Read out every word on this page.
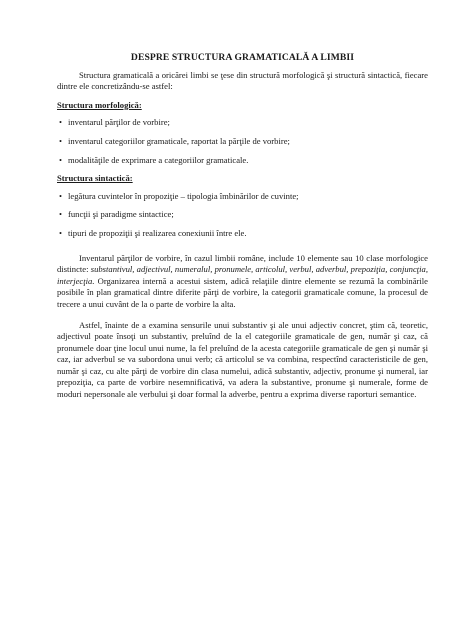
DESPRE STRUCTURA GRAMATICALĂ A LIMBII

Structura gramaticală a oricărei limbi se ţese din structură morfologică şi structură sintactică, fiecare dintre ele concretizându-se astfel:

Structura morfologică:
• inventarul părţilor de vorbire;
• inventarul categoriilor gramaticale, raportat la părţile de vorbire;
• modalităţile de exprimare a categoriilor gramaticale.
Structura sintactică:
• legătura cuvintelor în propoziţie – tipologia îmbinărilor de cuvinte;
• funcţii şi paradigme sintactice;
• tipuri de propoziţii şi realizarea conexiunii între ele.

Inventarul părţilor de vorbire, în cazul limbii române, include 10 elemente sau 10 clase morfologice distincte: substantivul, adjectivul, numeralul, pronumele, articolul, verbul, adverbul, prepoziţia, conjuncţia, interjecţia. Organizarea internă a acestui sistem, adică relaţiile dintre elemente se rezumă la combinările posibile în plan gramatical dintre diferite părţi de vorbire, la categorii gramaticale comune, la procesul de trecere a unui cuvânt de la o parte de vorbire la alta.

Astfel, înainte de a examina sensurile unui substantiv şi ale unui adjectiv concret, ştim că, teoretic, adjectivul poate însoţi un substantiv, preluînd de la el categoriile gramaticale de gen, număr şi caz, că pronumele doar ţine locul unui nume, la fel preluînd de la acesta categoriile gramaticale de gen şi număr şi caz, iar adverbul se va subordona unui verb; că articolul se va combina, respectînd caracteristicile de gen, număr şi caz, cu alte părţi de vorbire din clasa numelui, adică substantiv, adjectiv, pronume şi numeral, iar prepoziţia, ca parte de vorbire nesemnificativă, va adera la substantive, pronume şi numerale, forme de moduri nepersonale ale verbului şi doar formal la adverbe, pentru a exprima diverse raporturi semantice.
